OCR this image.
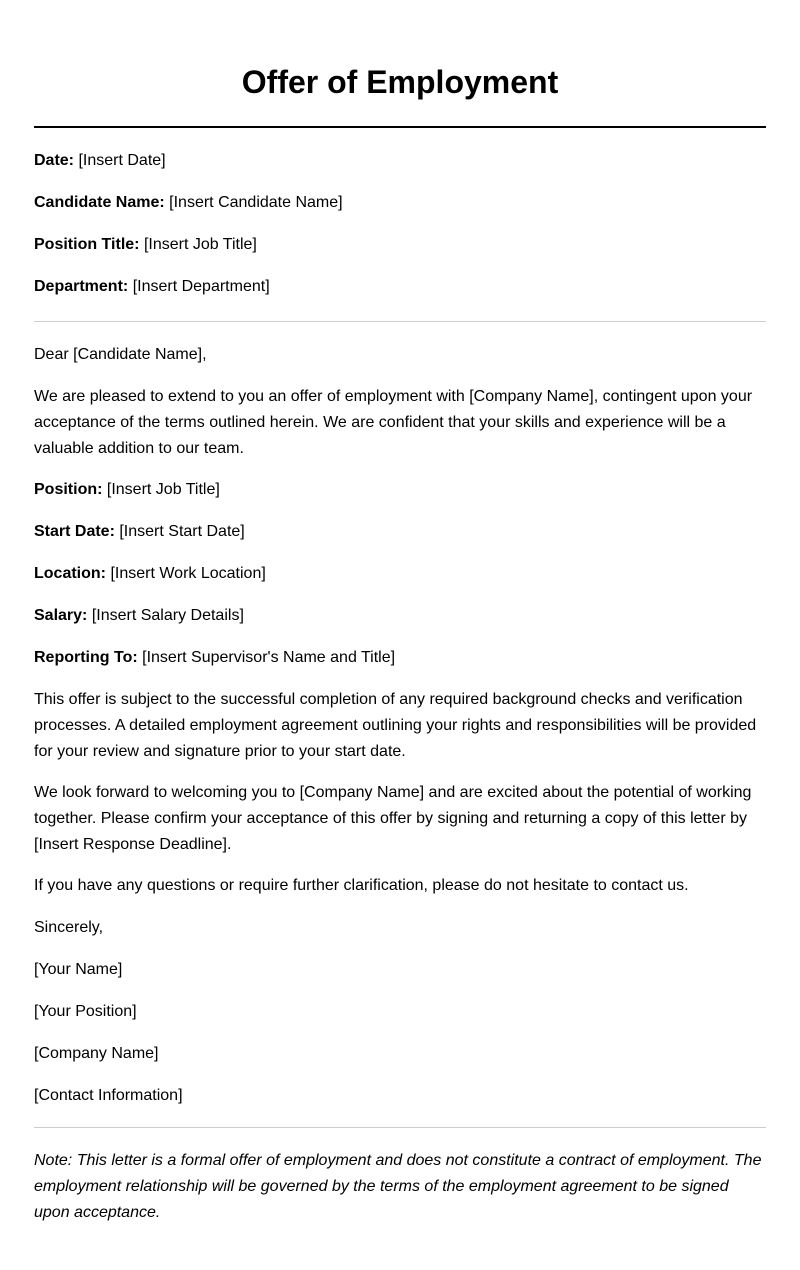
Offer of Employment

Date: [Insert Date]

Candidate Name: [Insert Candidate Name]

Position Title: [Insert Job Title]

Department: [Insert Department]

Dear [Candidate Name],

We are pleased to extend to you an offer of employment with [Company Name], contingent upon your acceptance of the terms outlined herein. We are confident that your skills and experience will be a valuable addition to our team.

Position: [Insert Job Title]

Start Date: [Insert Start Date]

Location: [Insert Work Location]

Salary: [Insert Salary Details]

Reporting To: [Insert Supervisor's Name and Title]

This offer is subject to the successful completion of any required background checks and verification processes. A detailed employment agreement outlining your rights and responsibilities will be provided for your review and signature prior to your start date.

We look forward to welcoming you to [Company Name] and are excited about the potential of working together. Please confirm your acceptance of this offer by signing and returning a copy of this letter by [Insert Response Deadline].

If you have any questions or require further clarification, please do not hesitate to contact us.

Sincerely,

[Your Name]

[Your Position]

[Company Name]

[Contact Information]

Note: This letter is a formal offer of employment and does not constitute a contract of employment. The employment relationship will be governed by the terms of the employment agreement to be signed upon acceptance.
